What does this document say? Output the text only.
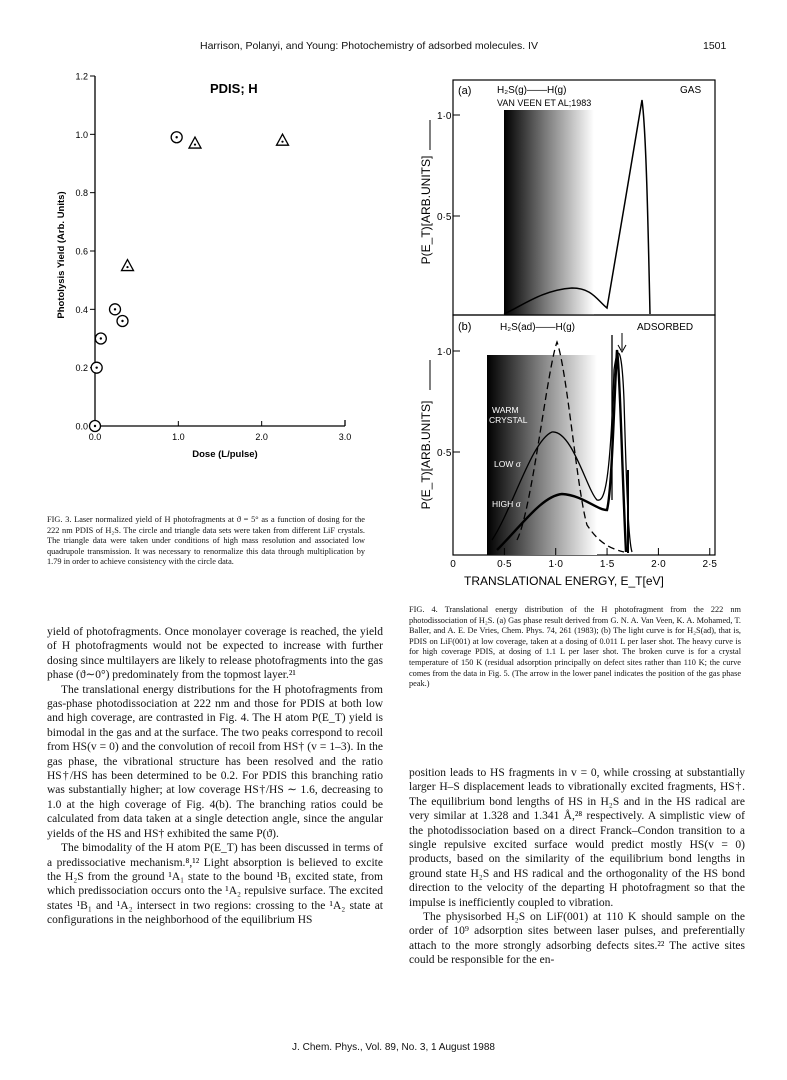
Harrison, Polanyi, and Young: Photochemistry of adsorbed molecules. IV	1501
PDIS; H
Dose (L/pulse)
Photolysis Yield (Arb. Units)
0.0
0.2
0.4
0.6
0.8
1.0
1.2
0.0	1.0	2.0	3.0
FIG. 3. Laser normalized yield of H photofragments at ϑ = 5° as a function of dosing for the 222 nm PDIS of H₂S. The circle and triangle data sets were taken from different LiF crystals. The triangle data were taken under conditions of high mass resolution and associated low quadrupole transmission. It was necessary to renormalize this data through multiplication by 1.79 in order to achieve consistency with the circle data.
(a)	H₂S(g)——H(g)
VAN VEEN ET AL;1983
GAS
1·0
0·5
P(E_T)[ARB.UNITS]
(b)	H₂S(ad)——H(g)	ADSORBED
1·0
0·5
P(E_T)[ARB.UNITS]	WARM
CRYSTAL
LOW σ
HIGH σ
0	0·5	1·0	1·5	2·0	2·5
TRANSLATIONAL ENERGY, E_T[eV]
FIG. 4. Translational energy distribution of the H photofragment from the 222 nm photodissociation of H₂S. (a) Gas phase result derived from G. N. A. Van Veen, K. A. Mohamed, T. Baller, and A. E. De Vries, Chem. Phys. 74, 261 (1983); (b) The light curve is for H₂S(ad), that is, PDIS on LiF(001) at low coverage, taken at a dosing of 0.011 L per laser shot. The heavy curve is for high coverage PDIS, at dosing of 1.1 L per laser shot. The broken curve is for a crystal temperature of 150 K (residual adsorption principally on defect sites rather than 110 K; the curve comes from the data in Fig. 5. (The arrow in the lower panel indicates the position of the gas phase peak.)

yield of photofragments. Once monolayer coverage is reached, the yield of H photofragments would not be expected to increase with further dosing since multilayers are likely to release photofragments into the gas phase (ϑ∼0°) predominately from the topmost layer.²¹

The translational energy distributions for the H photofragments from gas-phase photodissociation at 222 nm and those for PDIS at both low and high coverage, are contrasted in Fig. 4. The H atom P(E_T) yield is bimodal in the gas and at the surface. The two peaks correspond to recoil from HS(v = 0) and the convolution of recoil from HS† (v = 1–3). In the gas phase, the vibrational structure has been resolved and the ratio HS†/HS has been determined to be 0.2. For PDIS this branching ratio was substantially higher; at low coverage HS†/HS ∼ 1.6, decreasing to 1.0 at the high coverage of Fig. 4(b). The branching ratios could be calculated from data taken at a single detection angle, since the angular yields of the HS and HS† exhibited the same P(ϑ).

The bimodality of the H atom P(E_T) has been discussed in terms of a predissociative mechanism.⁸,¹² Light absorption is believed to excite the H₂S from the ground ¹A₁ state to the bound ¹B₁ excited state, from which predissociation occurs onto the ¹A₂ repulsive surface. The excited states ¹B₁ and ¹A₂ intersect in two regions: crossing to the ¹A₂ state at configurations in the neighborhood of the equilibrium HS

position leads to HS fragments in v = 0, while crossing at substantially larger H–S displacement leads to vibrationally excited fragments, HS†. The equilibrium bond lengths of HS in H₂S and in the HS radical are very similar at 1.328 and 1.341 Å,²⁸ respectively. A simplistic view of the photodissociation based on a direct Franck–Condon transition to a single repulsive excited surface would predict mostly HS(v = 0) products, based on the similarity of the equilibrium bond lengths in ground state H₂S and HS radical and the orthogonality of the HS bond direction to the velocity of the departing H photofragment so that the impulse is inefficiently coupled to vibration.

The physisorbed H₂S on LiF(001) at 110 K should sample on the order of 10⁹ adsorption sites between laser pulses, and preferentially attach to the more strongly adsorbing defects sites.²² The active sites could be responsible for the en-

J. Chem. Phys., Vol. 89, No. 3, 1 August 1988
